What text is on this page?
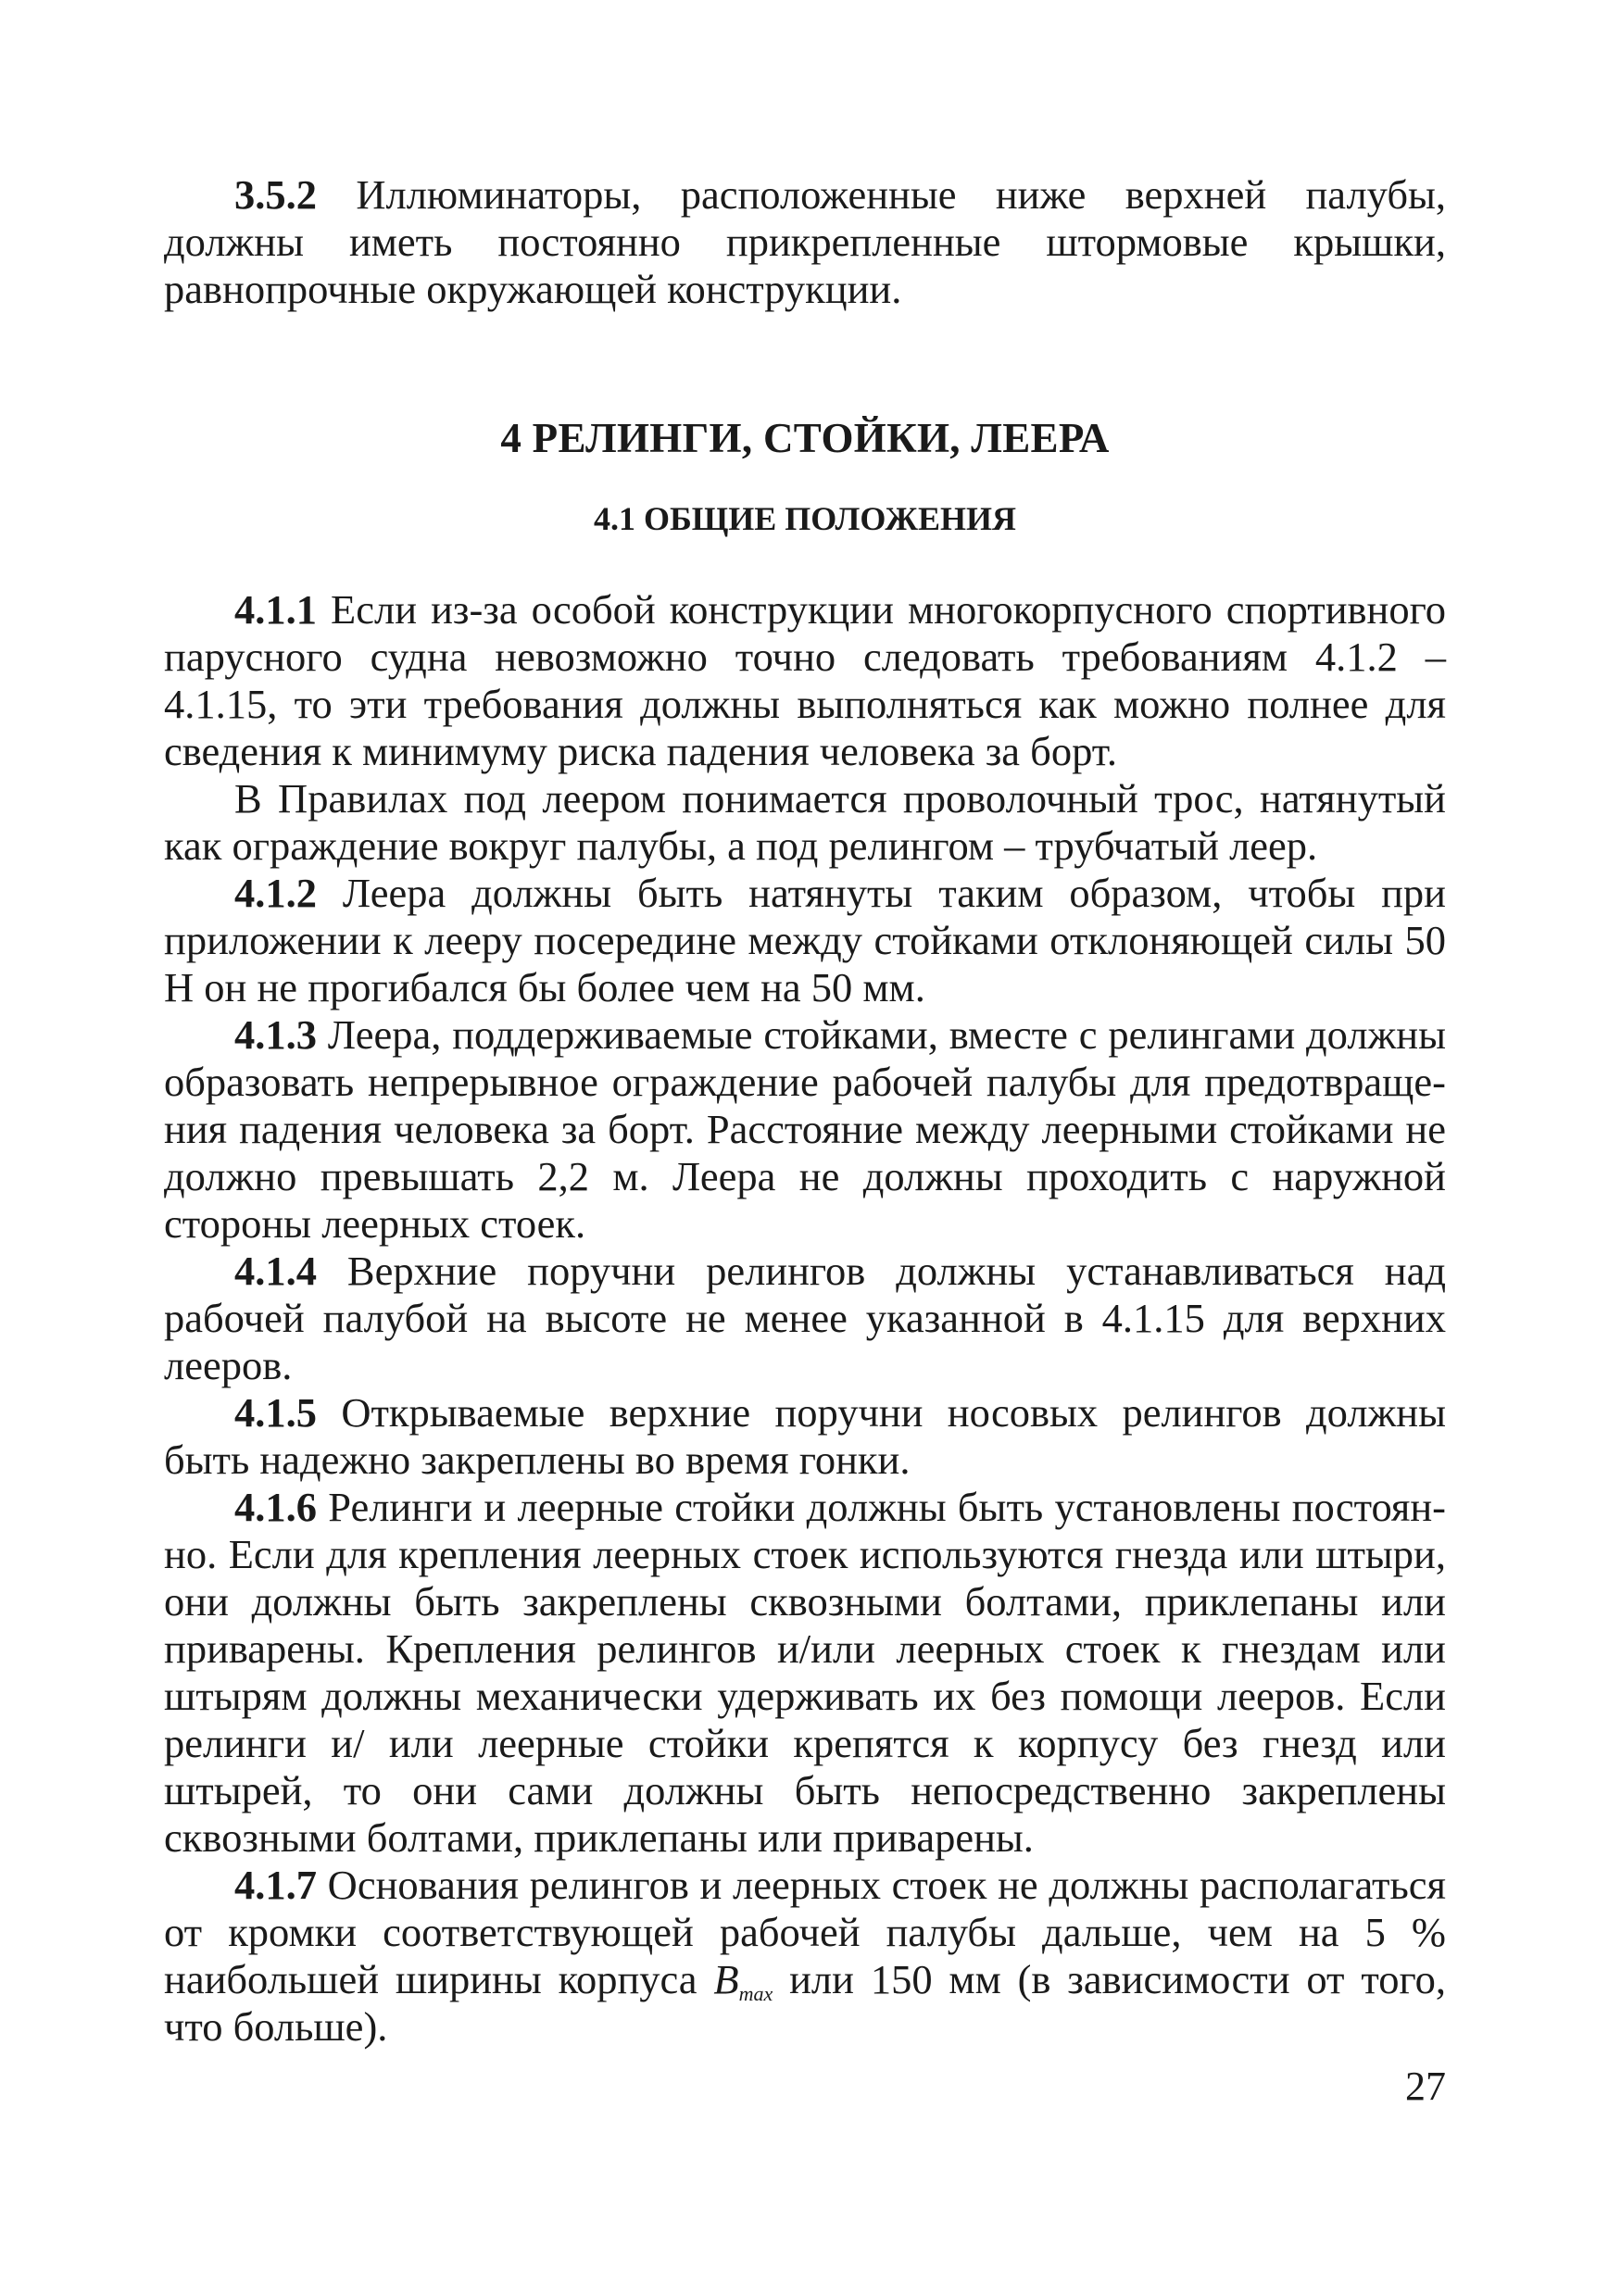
3.5.2 Иллюминаторы, расположенные ниже верхней палубы, должны иметь постоянно прикрепленные штормовые крышки, равнопрочные окружающей конструкции.

4 РЕЛИНГИ, СТОЙКИ, ЛЕЕРА
4.1 ОБЩИЕ ПОЛОЖЕНИЯ

4.1.1 Если из-за особой конструкции многокорпусного спортивного парусного судна невозможно точно следовать требованиям 4.1.2 – 4.1.15, то эти требования должны выполняться как можно полнее для сведения к минимуму риска падения человека за борт.

В Правилах под леером понимается проволочный трос, натянутый как ограждение вокруг палубы, а под релингом – трубчатый леер.

4.1.2 Леера должны быть натянуты таким образом, чтобы при приложении к лееру посередине между стойками отклоняющей силы 50 Н он не прогибался бы более чем на 50 мм.

4.1.3 Леера, поддерживаемые стойками, вместе с релингами должны образовать непрерывное ограждение рабочей палубы для предотвращения падения человека за борт. Расстояние между леерными стойками не должно превышать 2,2 м. Леера не должны проходить с наружной стороны леерных стоек.

4.1.4 Верхние поручни релингов должны устанавливаться над рабочей палубой на высоте не менее указанной в 4.1.15 для верхних лееров.

4.1.5 Открываемые верхние поручни носовых релингов должны быть надежно закреплены во время гонки.

4.1.6 Релинги и леерные стойки должны быть установлены постоянно. Если для крепления леерных стоек используются гнезда или штыри, они должны быть закреплены сквозными болтами, приклепаны или приварены. Крепления релингов и/или леерных стоек к гнездам или штырям должны механически удерживать их без помощи лееров. Если релинги и/ или леерные стойки крепятся к корпусу без гнезд или штырей, то они сами должны быть непосредственно закреплены сквозными болтами, приклепаны или приварены.

4.1.7 Основания релингов и леерных стоек не должны располагаться от кромки соответствующей рабочей палубы дальше, чем на 5 % наибольшей ширины корпуса $B_{max}$ или 150 мм (в зависимости от того, что больше).

27
